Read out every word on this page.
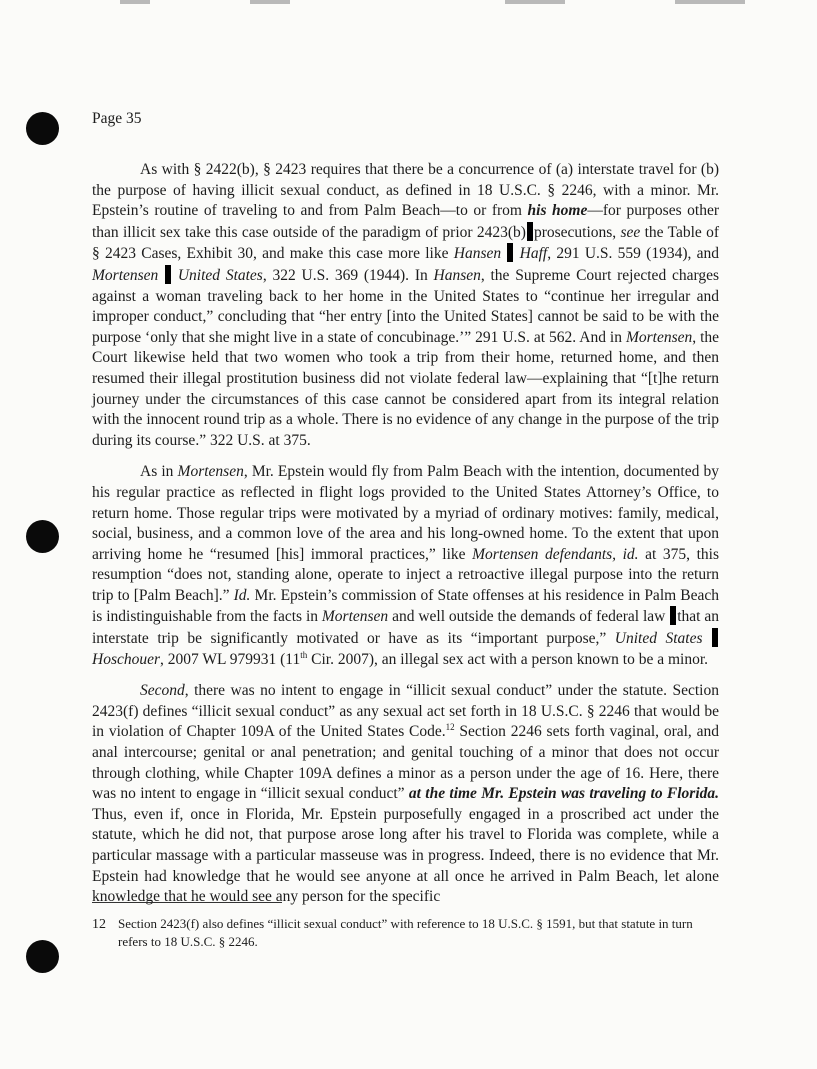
Page 35

As with § 2422(b), § 2423 requires that there be a concurrence of (a) interstate travel for (b) the purpose of having illicit sexual conduct, as defined in 18 U.S.C. § 2246, with a minor. Mr. Epstein’s routine of traveling to and from Palm Beach—to or from his home—for purposes other than illicit sex take this case outside of the paradigm of prior 2423(b) prosecutions, see the Table of § 2423 Cases, Exhibit 30, and make this case more like Hansen Haff, 291 U.S. 559 (1934), and Mortensen United States, 322 U.S. 369 (1944). In Hansen, the Supreme Court rejected charges against a woman traveling back to her home in the United States to “continue her irregular and improper conduct,” concluding that “her entry [into the United States] cannot be said to be with the purpose ‘only that she might live in a state of concubinage.’” 291 U.S. at 562. And in Mortensen, the Court likewise held that two women who took a trip from their home, returned home, and then resumed their illegal prostitution business did not violate federal law—explaining that “[t]he return journey under the circumstances of this case cannot be considered apart from its integral relation with the innocent round trip as a whole. There is no evidence of any change in the purpose of the trip during its course.” 322 U.S. at 375.

As in Mortensen, Mr. Epstein would fly from Palm Beach with the intention, documented by his regular practice as reflected in flight logs provided to the United States Attorney’s Office, to return home. Those regular trips were motivated by a myriad of ordinary motives: family, medical, social, business, and a common love of the area and his long-owned home. To the extent that upon arriving home he “resumed [his] immoral practices,” like Mortensen defendants, id. at 375, this resumption “does not, standing alone, operate to inject a retroactive illegal purpose into the return trip to [Palm Beach].” Id. Mr. Epstein’s commission of State offenses at his residence in Palm Beach is indistinguishable from the facts in Mortensen and well outside the demands of federal law that an interstate trip be significantly motivated or have as its “important purpose,” United States  Hoschouer, 2007 WL 979931 (11th Cir. 2007), an illegal sex act with a person known to be a minor.

Second, there was no intent to engage in “illicit sexual conduct” under the statute. Section 2423(f) defines “illicit sexual conduct” as any sexual act set forth in 18 U.S.C. § 2246 that would be in violation of Chapter 109A of the United States Code.$^{12}$ Section 2246 sets forth vaginal, oral, and anal intercourse; genital or anal penetration; and genital touching of a minor that does not occur through clothing, while Chapter 109A defines a minor as a person under the age of 16. Here, there was no intent to engage in “illicit sexual conduct” at the time Mr. Epstein was traveling to Florida. Thus, even if, once in Florida, Mr. Epstein purposefully engaged in a proscribed act under the statute, which he did not, that purpose arose long after his travel to Florida was complete, while a particular massage with a particular masseuse was in progress. Indeed, there is no evidence that Mr. Epstein had knowledge that he would see anyone at all once he arrived in Palm Beach, let alone knowledge that he would see any person for the specific

12 Section 2423(f) also defines “illicit sexual conduct” with reference to 18 U.S.C. § 1591, but that statute in turn refers to 18 U.S.C. § 2246.
